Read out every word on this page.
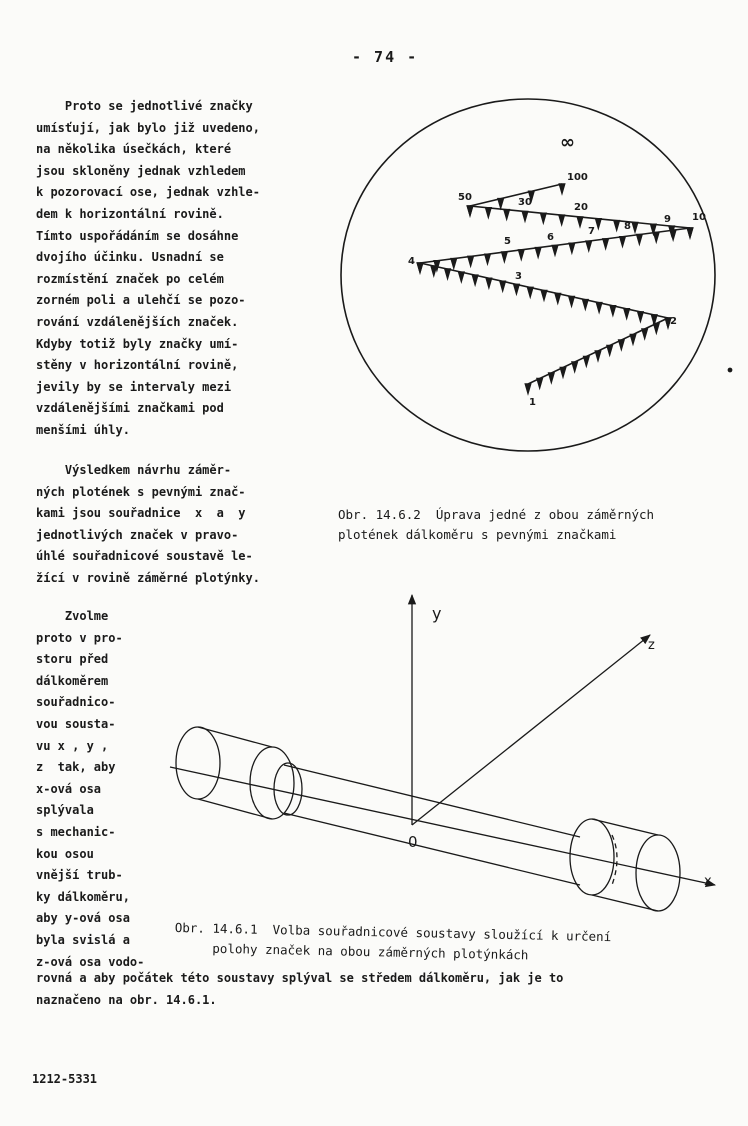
- 74 -
Proto se jednotlivé značky
umísťují, jak bylo již uvedeno,
na několika úsečkách, které
jsou skloněny jednak vzhledem
k pozorovací ose, jednak vzhle-
dem k horizontální rovině.
Tímto uspořádáním se dosáhne
dvojího účinku. Usnadní se
rozmístění značek po celém
zorném poli a ulehčí se pozo-
rování vzdálenějších značek.
Kdyby totiž byly značky umí-
stěny v horizontální rovině,
jevily by se intervaly mezi
vzdálenějšími značkami pod
menšími úhly.
Výsledkem návrhu záměr-
ných plotének s pevnými znač-
kami jsou souřadnice  x  a  y
jednotlivých značek v pravo-
úhlé souřadnicové soustavě le-
žící v rovině záměrné plotýnky.
Zvolme
proto v pro-
storu před
dálkoměrem
souřadnico-
vou sousta-
vu x , y ,
z  tak, aby
x-ová osa
splývala
s mechanic-
kou osou
vnější trub-
ky dálkoměru,
aby y-ová osa
byla svislá a
z-ová osa vodo-
rovná a aby počátek této soustavy splýval se středem dálkoměru, jak je to
naznačeno na obr. 14.6.1.
∞
100
50	30	20
10
9
8
7
6
5
4
3
2
1
Obr. 14.6.2  Úprava jedné z obou záměrných
plotének dálkoměru s pevnými značkami
y
z
x
0
Obr. 14.6.1  Volba souřadnicové soustavy sloužící k určení
polohy značek na obou záměrných plotýnkách
1212-5331
